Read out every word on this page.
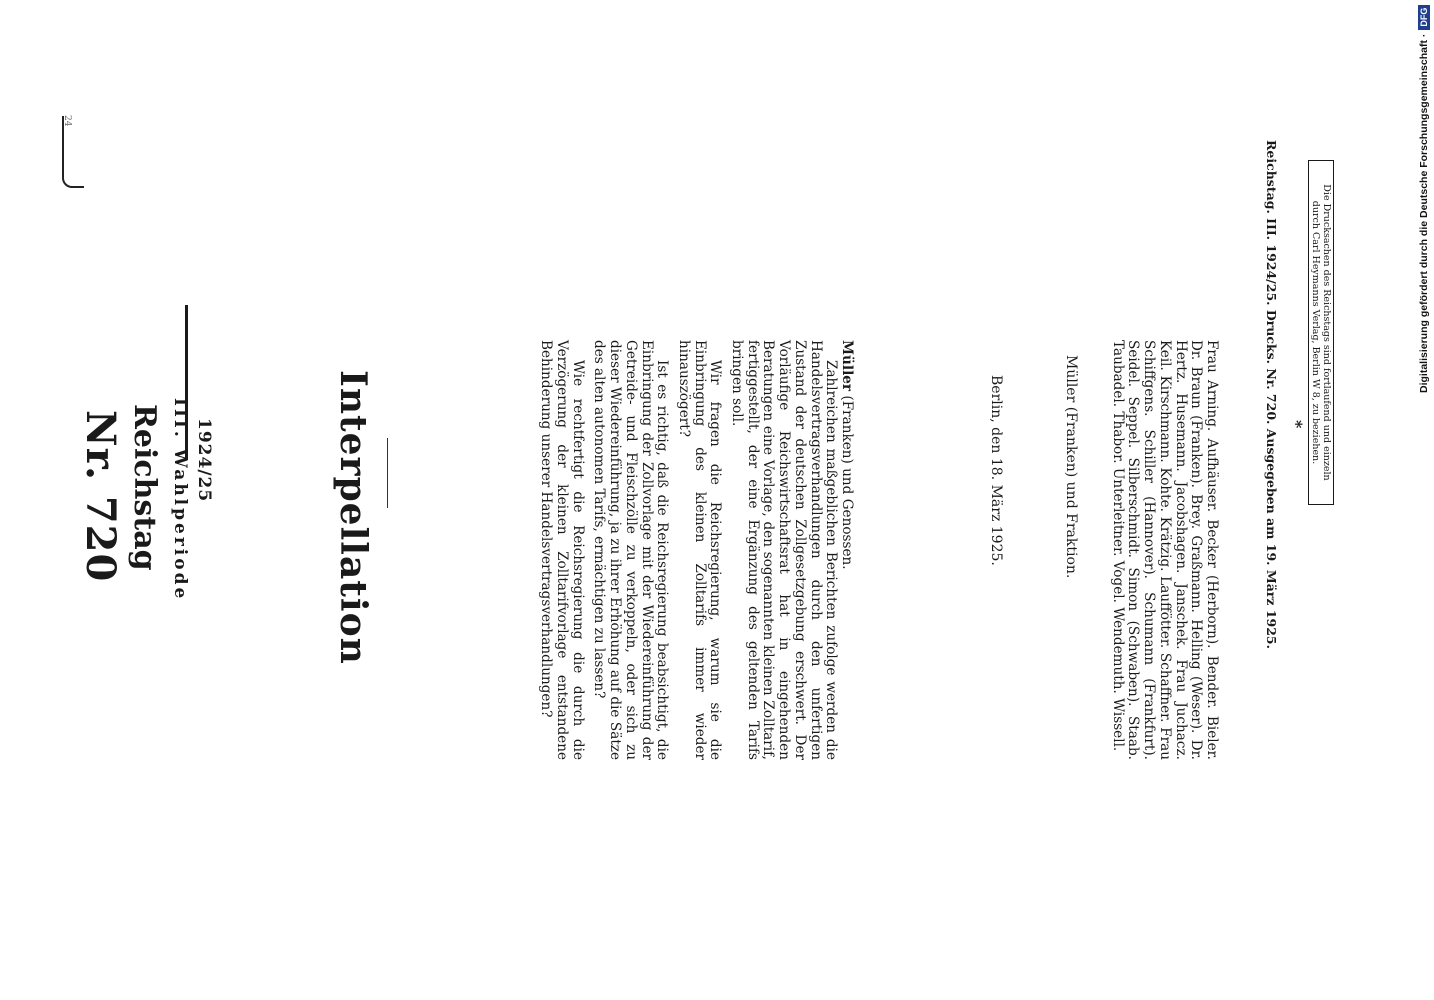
24
Nr. 720 Reichstag III. Wahlperiode 1924/25	Interpellation

Müller (Franken) und Genossen.

Zahlreichen maßgeblichen Berichten zufolge werden die Handelsvertragsverhandlungen durch den unfertigen Zustand der deutschen Zollgesetzgebung erschwert. Der Vorläufige Reichswirtschaftsrat hat in eingehenden Beratungen eine Vorlage, den sogenannten kleinen Zolltarif, fertiggestellt, der eine Ergänzung des geltenden Tarifs bringen soll.

Wir fragen die Reichsregierung, warum sie die Einbringung des kleinen Zolltarifs immer wieder hinauszögert?

Ist es richtig, daß die Reichsregierung beabsichtigt, die Einbringung der Zollvorlage mit der Wiedereinführung der Getreide- und Fleischzölle zu verkoppeln, oder sich zu dieser Wiedereinführung, ja zu ihrer Erhöhung auf die Sätze des alten autonomen Tarifs, ermächtigen zu lassen?

Wie rechtfertigt die Reichsregierung die durch die Verzögerung der kleinen Zolltarifvorlage entstandene Behinderung unserer Handelsvertragsverhandlungen?	Berlin, den 18. März 1925.	Müller (Franken) und Fraktion.	Frau Arning. Aufhäuser. Becker (Herborn). Bender. Bieler. Dr. Braun (Franken). Brey. Graßmann. Helling (Weser). Dr. Hertz. Husemann. Jacobshagen. Janschek. Frau Juchacz. Keil. Kirschmann. Kohte. Krätzig. Lauffötter. Schaffner. Frau Schiffgens. Schiller (Hannover). Schumann (Frankfurt). Seidel. Seppel. Silberschmidt. Simon (Schwaben). Staab. Taubadel. Thabor. Unterleitner. Vogel. Wendemuth. Wissell.	Reichstag. III. 1924/25. Drucks. Nr. 720. Ausgegeben am 19. März 1925. * Die Drucksachen des Reichstags sind fortlaufend und einzeln
durch Carl Heymanns Verlag, Berlin W 8, zu beziehen.	Digitalisierung gefördert durch die Deutsche Forschungsgemeinschaft ·
DFG
